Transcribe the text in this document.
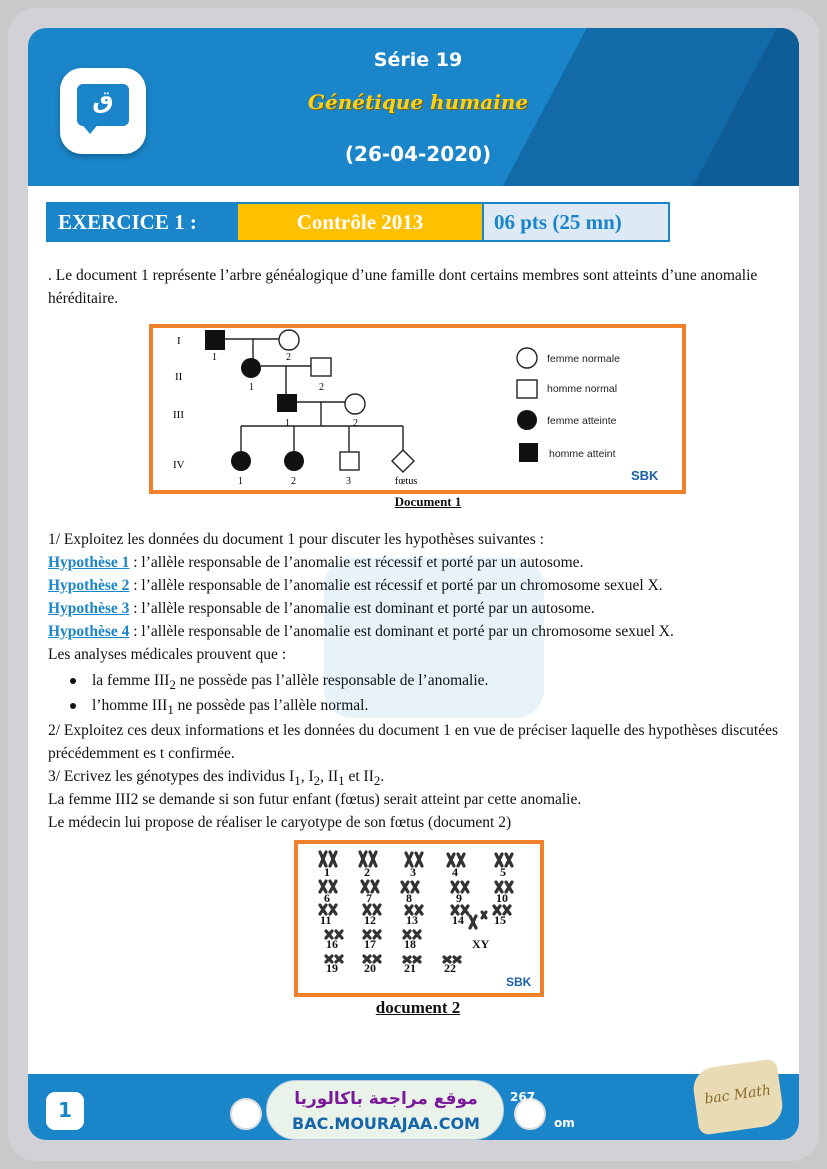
ق
Série 19
Génétique humaine
(26-04-2020)
EXERCICE 1 :	Contrôle 2013	06 pts (25 mn)
. Le document 1 représente l’arbre généalogique d’une famille dont certains membres sont atteints d’une anomalie héréditaire.
I
II
III
IV
1	2
1	2
1	2
1	2	3	fœtus
femme normale
homme normal
femme atteinte
homme atteint
SBK
Document 1
1/ Exploitez les données du document 1 pour discuter les hypothèses suivantes :
Hypothèse 1 : l’allèle responsable de l’anomalie est récessif et porté par un autosome.
Hypothèse 2 : l’allèle responsable de l’anomalie est récessif et porté par un chromosome sexuel X.
Hypothèse 3 : l’allèle responsable de l’anomalie est dominant et porté par un autosome.
Hypothèse 4 : l’allèle responsable de l’anomalie est dominant et porté par un chromosome sexuel X.
Les analyses médicales prouvent que :
la femme $III_2$ ne possède pas l’allèle responsable de l’anomalie.
l’homme $III_1$ ne possède pas l’allèle normal.
2/ Exploitez ces deux informations et les données du document 1 en vue de préciser laquelle des hypothèses discutées précédemment es t confirmée.
3/ Ecrivez les génotypes des individus $I_1$, $I_2$, $II_1$ et $II_2$.
La femme III2 se demande si son futur enfant (fœtus) serait atteint par cette anomalie.
Le médecin lui propose de réaliser le caryotype de son fœtus (document 2)
1	2	3	4	5
6	7	8	9	10
11	12	13	14	15
16 17 18	XY
19 20 21 22
SBK
document 2
1	موقع مراجعة باكالوريا
BAC.MOURAJAA.COM
267
om
bac Math
